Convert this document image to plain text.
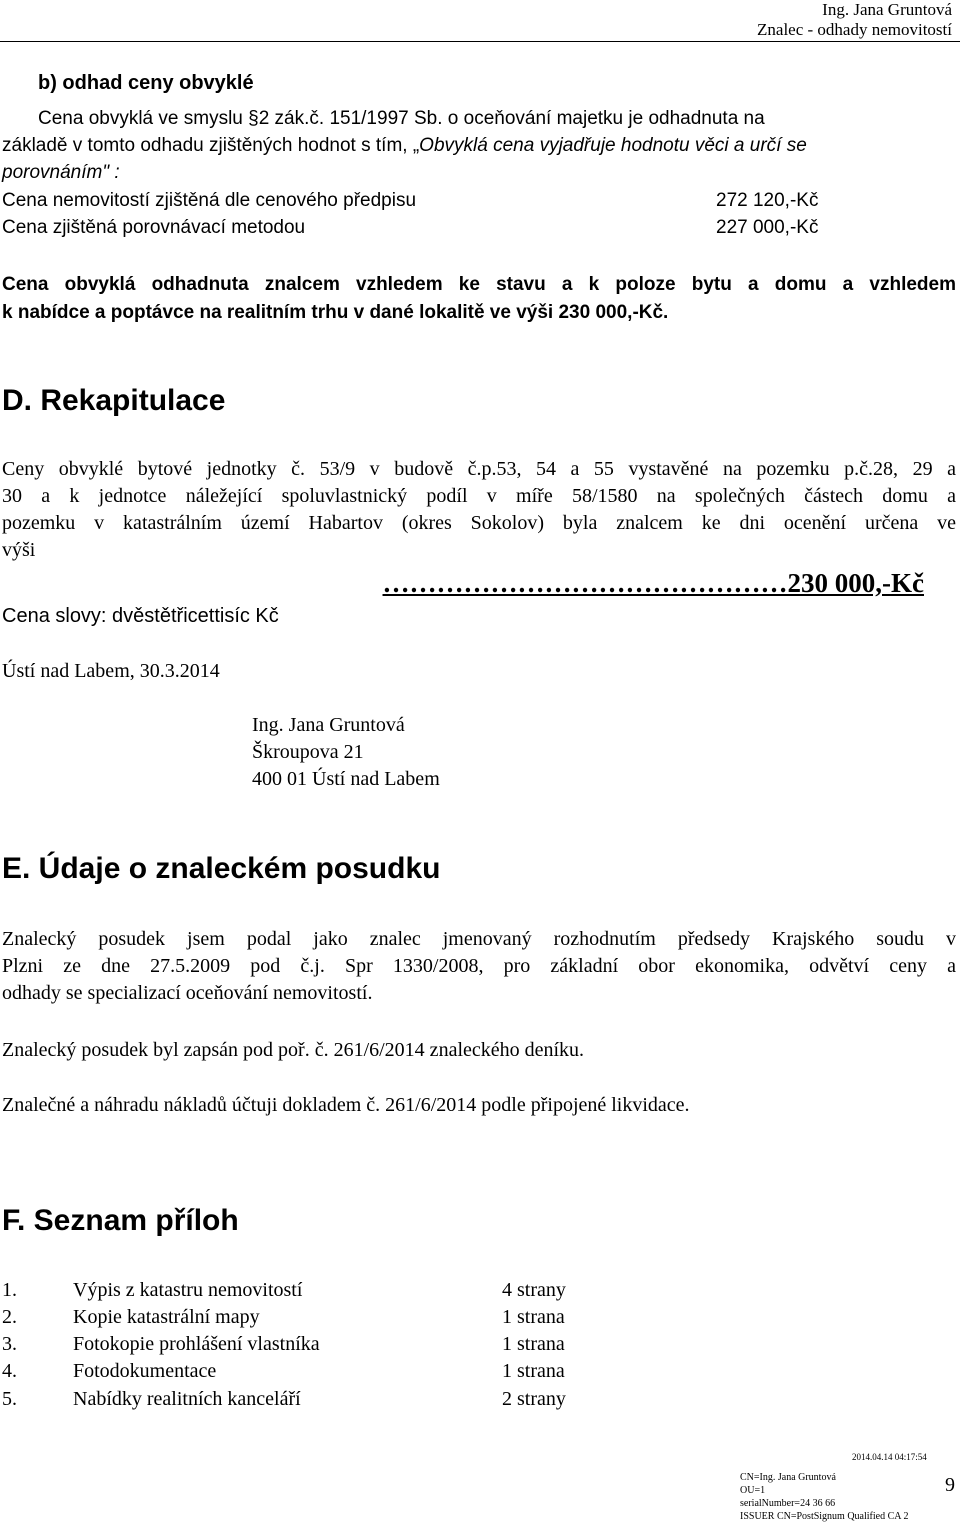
Ing. Jana Gruntová
Znalec - odhady nemovitostí
b) odhad ceny obvyklé
Cena obvyklá ve smyslu §2 zák.č. 151/1997 Sb. o oceňování majetku je odhadnuta na
základě v tomto odhadu zjištěných hodnot s tím, „Obvyklá cena vyjadřuje hodnotu věci a určí se
porovnáním" :
Cena nemovitostí zjištěná dle cenového předpisu	272 120,-Kč
Cena zjištěná porovnávací metodou	227 000,-Kč
Cena obvyklá odhadnuta znalcem vzhledem ke stavu a k poloze bytu a domu a vzhledem
k nabídce a poptávce na realitním trhu v dané lokalitě ve výši 230 000,-Kč.
D. Rekapitulace
Ceny obvyklé bytové jednotky č. 53/9 v budově č.p.53, 54 a 55 vystavěné na pozemku p.č.28, 29 a
30 a k jednotce náležející spoluvlastnický podíl v míře 58/1580 na společných částech domu a
pozemku v katastrálním území Habartov (okres Sokolov) byla znalcem ke dni ocenění určena ve
výši
………………………………………230 000,-Kč
Cena slovy: dvěstětřicettisíc Kč
Ústí nad Labem, 30.3.2014
Ing. Jana Gruntová
Škroupova 21
400 01 Ústí nad Labem
E. Údaje o znaleckém posudku
Znalecký posudek jsem podal jako znalec jmenovaný rozhodnutím předsedy Krajského soudu v
Plzni ze dne 27.5.2009 pod č.j. Spr 1330/2008, pro základní obor ekonomika, odvětví ceny a
odhady se specializací oceňování nemovitostí.
Znalecký posudek byl zapsán pod poř. č. 261/6/2014 znaleckého deníku.
Znalečné a náhradu nákladů účtuji dokladem č. 261/6/2014 podle připojené likvidace.
F. Seznam příloh
1.	Výpis z katastru nemovitostí	4 strany
2.	Kopie katastrální mapy	1 strana
3.	Fotokopie prohlášení vlastníka	1 strana
4.	Fotodokumentace	1 strana
5.	Nabídky realitních kanceláří	2 strany
2014.04.14 04:17:54
CN=Ing. Jana Gruntová
OU=1
serialNumber=24 36 66
ISSUER CN=PostSignum Qualified CA 2
9
